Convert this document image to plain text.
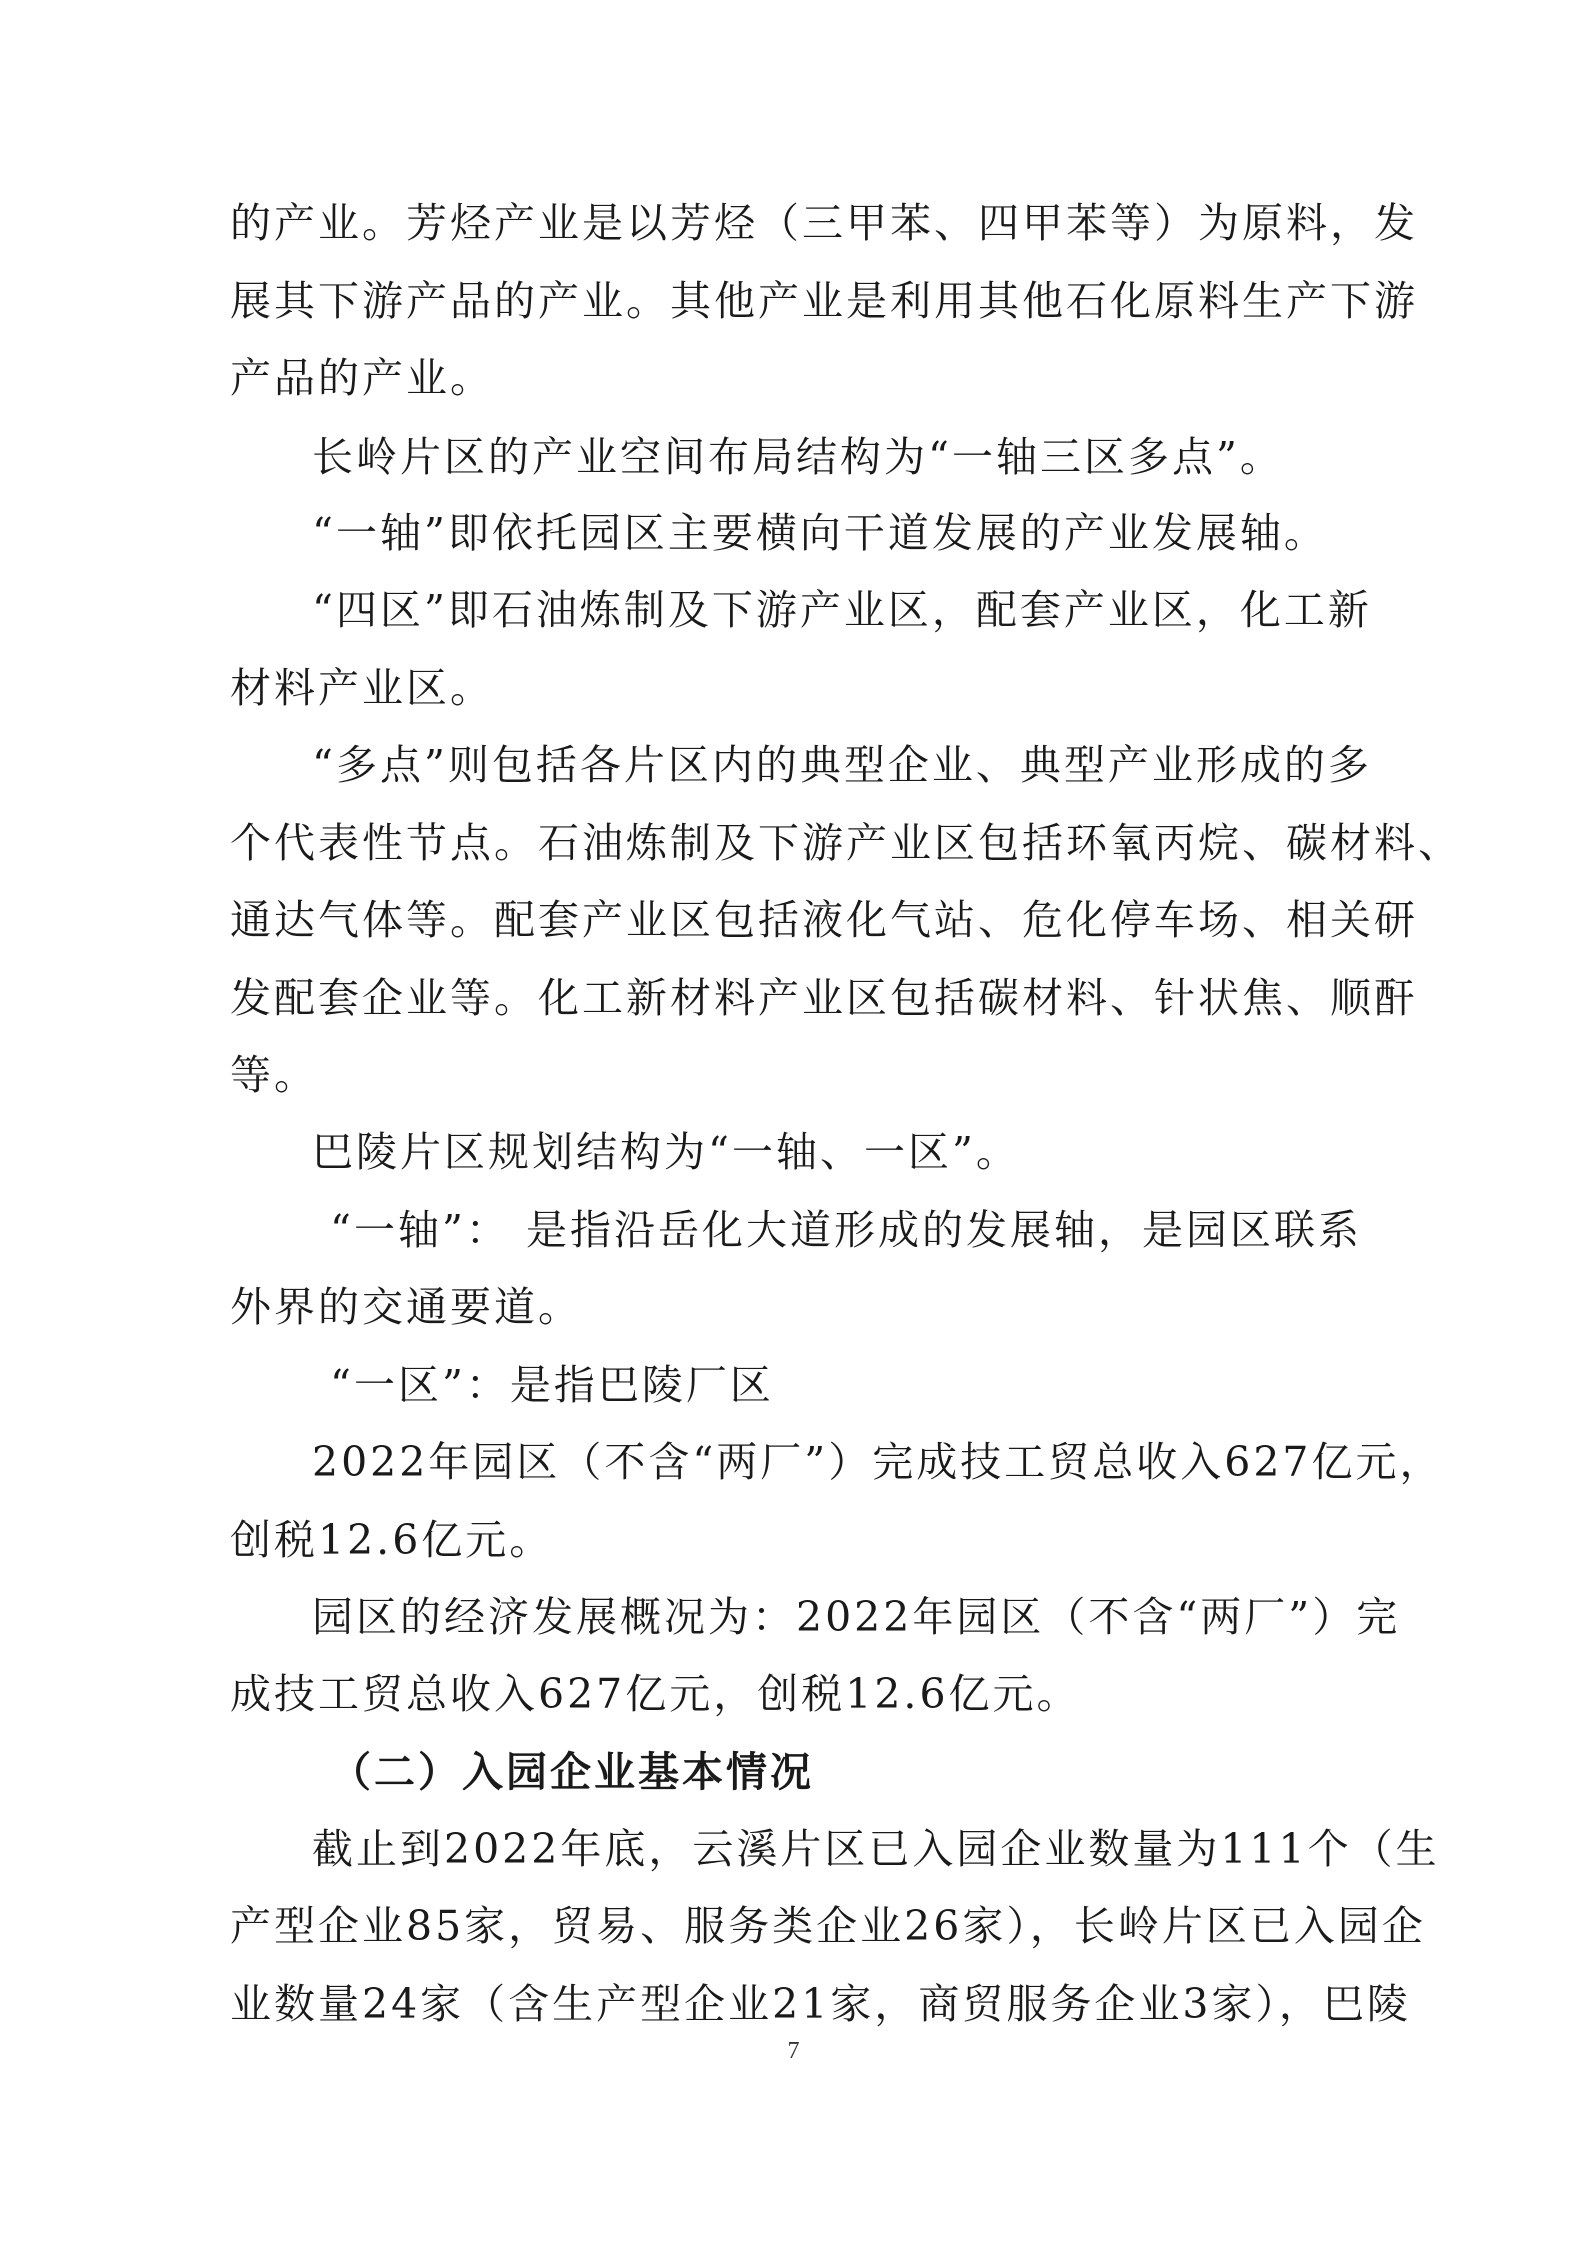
的产业。芳烃产业是以芳烃（三甲苯、四甲苯等）为原料，发
展其下游产品的产业。其他产业是利用其他石化原料生产下游
产品的产业。
长岭片区的产业空间布局结构为“一轴三区多点”。
“一轴”即依托园区主要横向干道发展的产业发展轴。
“四区”即石油炼制及下游产业区，配套产业区，化工新
材料产业区。
“多点”则包括各片区内的典型企业、典型产业形成的多
个代表性节点。石油炼制及下游产业区包括环氧丙烷、碳材料、
通达气体等。配套产业区包括液化气站、危化停车场、相关研
发配套企业等。化工新材料产业区包括碳材料、针状焦、顺酐
等。
巴陵片区规划结构为“一轴、一区”。
“一轴”： 是指沿岳化大道形成的发展轴，是园区联系
外界的交通要道。
“一区”：是指巴陵厂区
2022年园区（不含“两厂”）完成技工贸总收入627亿元，
创税12.6亿元。
园区的经济发展概况为：2022年园区（不含“两厂”）完
成技工贸总收入627亿元，创税12.6亿元。
（二）入园企业基本情况
截止到2022年底，云溪片区已入园企业数量为111个（生
产型企业85家，贸易、服务类企业26家），长岭片区已入园企
业数量24家（含生产型企业21家，商贸服务企业3家），巴陵
7
